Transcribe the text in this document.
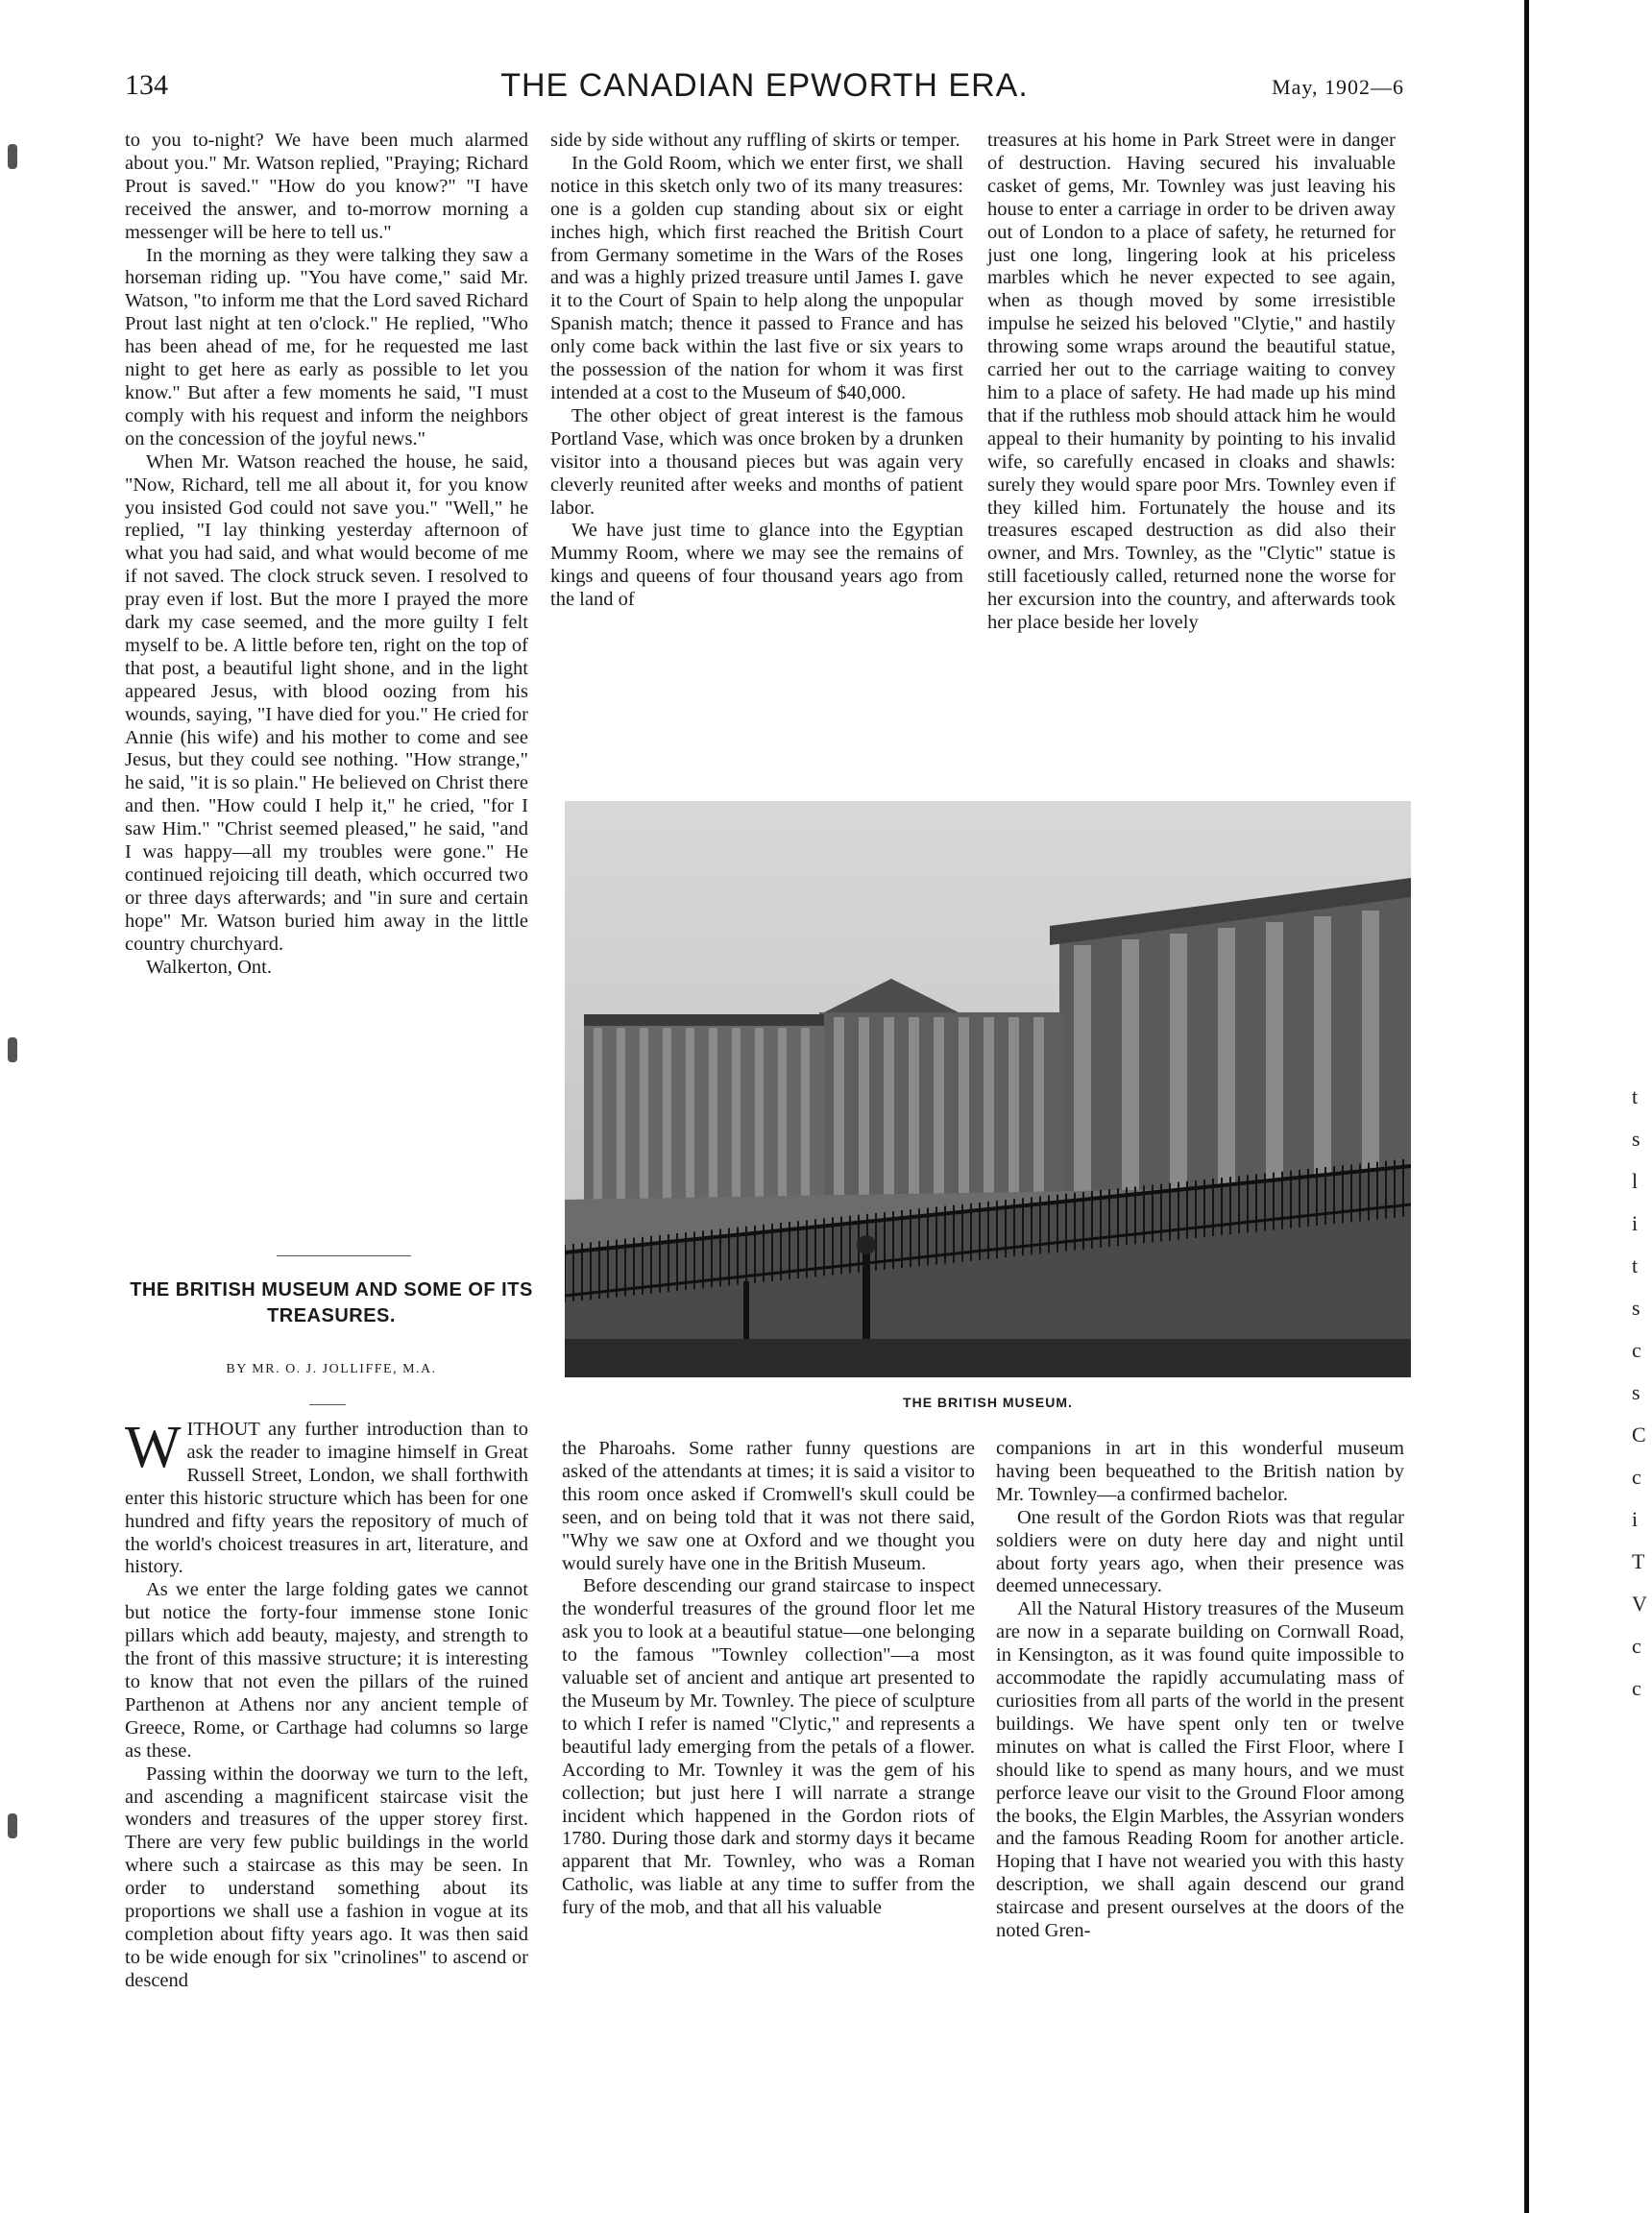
t
s
l
i
t
s
c
s
C
c
i
T
V
c
c
134	THE CANADIAN EPWORTH ERA.	May, 1902—6

to you to-night? We have been much alarmed about you." Mr. Watson replied, "Praying; Richard Prout is saved." "How do you know?" "I have received the answer, and to-morrow morning a messenger will be here to tell us."

In the morning as they were talking they saw a horseman riding up. "You have come," said Mr. Watson, "to inform me that the Lord saved Richard Prout last night at ten o'clock." He replied, "Who has been ahead of me, for he requested me last night to get here as early as possible to let you know." But after a few moments he said, "I must comply with his request and inform the neighbors on the concession of the joyful news."

When Mr. Watson reached the house, he said, "Now, Richard, tell me all about it, for you know you insisted God could not save you." "Well," he replied, "I lay thinking yesterday afternoon of what you had said, and what would become of me if not saved. The clock struck seven. I resolved to pray even if lost. But the more I prayed the more dark my case seemed, and the more guilty I felt myself to be. A little before ten, right on the top of that post, a beautiful light shone, and in the light appeared Jesus, with blood oozing from his wounds, saying, "I have died for you." He cried for Annie (his wife) and his mother to come and see Jesus, but they could see nothing. "How strange," he said, "it is so plain." He believed on Christ there and then. "How could I help it," he cried, "for I saw Him." "Christ seemed pleased," he said, "and I was happy—all my troubles were gone." He continued rejoicing till death, which occurred two or three days afterwards; and "in sure and certain hope" Mr. Watson buried him away in the little country churchyard.

Walkerton, Ont.

THE BRITISH MUSEUM AND SOME OF ITS TREASURES.
BY MR. O. J. JOLLIFFE, M.A.

WITHOUT any further introduction than to ask the reader to imagine himself in Great Russell Street, London, we shall forthwith enter this historic structure which has been for one hundred and fifty years the repository of much of the world's choicest treasures in art, literature, and history.

As we enter the large folding gates we cannot but notice the forty-four immense stone Ionic pillars which add beauty, majesty, and strength to the front of this massive structure; it is interesting to know that not even the pillars of the ruined Parthenon at Athens nor any ancient temple of Greece, Rome, or Carthage had columns so large as these.

Passing within the doorway we turn to the left, and ascending a magnificent staircase visit the wonders and treasures of the upper storey first. There are very few public buildings in the world where such a staircase as this may be seen. In order to understand something about its proportions we shall use a fashion in vogue at its completion about fifty years ago. It was then said to be wide enough for six "crinolines" to ascend or descend

side by side without any ruffling of skirts or temper.

In the Gold Room, which we enter first, we shall notice in this sketch only two of its many treasures: one is a golden cup standing about six or eight inches high, which first reached the British Court from Germany sometime in the Wars of the Roses and was a highly prized treasure until James I. gave it to the Court of Spain to help along the unpopular Spanish match; thence it passed to France and has only come back within the last five or six years to the possession of the nation for whom it was first intended at a cost to the Museum of $40,000.

The other object of great interest is the famous Portland Vase, which was once broken by a drunken visitor into a thousand pieces but was again very cleverly reunited after weeks and months of patient labor.

We have just time to glance into the Egyptian Mummy Room, where we may see the remains of kings and queens of four thousand years ago from the land of

treasures at his home in Park Street were in danger of destruction. Having secured his invaluable casket of gems, Mr. Townley was just leaving his house to enter a carriage in order to be driven away out of London to a place of safety, he returned for just one long, lingering look at his priceless marbles which he never expected to see again, when as though moved by some irresistible impulse he seized his beloved "Clytie," and hastily throwing some wraps around the beautiful statue, carried her out to the carriage waiting to convey him to a place of safety. He had made up his mind that if the ruthless mob should attack him he would appeal to their humanity by pointing to his invalid wife, so carefully encased in cloaks and shawls: surely they would spare poor Mrs. Townley even if they killed him. Fortunately the house and its treasures escaped destruction as did also their owner, and Mrs. Townley, as the "Clytic" statue is still facetiously called, returned none the worse for her excursion into the country, and afterwards took her place beside her lovely

THE BRITISH MUSEUM.

the Pharoahs. Some rather funny questions are asked of the attendants at times; it is said a visitor to this room once asked if Cromwell's skull could be seen, and on being told that it was not there said, "Why we saw one at Oxford and we thought you would surely have one in the British Museum.

Before descending our grand staircase to inspect the wonderful treasures of the ground floor let me ask you to look at a beautiful statue—one belonging to the famous "Townley collection"—a most valuable set of ancient and antique art presented to the Museum by Mr. Townley. The piece of sculpture to which I refer is named "Clytic," and represents a beautiful lady emerging from the petals of a flower. According to Mr. Townley it was the gem of his collection; but just here I will narrate a strange incident which happened in the Gordon riots of 1780. During those dark and stormy days it became apparent that Mr. Townley, who was a Roman Catholic, was liable at any time to suffer from the fury of the mob, and that all his valuable

companions in art in this wonderful museum having been bequeathed to the British nation by Mr. Townley—a confirmed bachelor.

One result of the Gordon Riots was that regular soldiers were on duty here day and night until about forty years ago, when their presence was deemed unnecessary.

All the Natural History treasures of the Museum are now in a separate building on Cornwall Road, in Kensington, as it was found quite impossible to accommodate the rapidly accumulating mass of curiosities from all parts of the world in the present buildings. We have spent only ten or twelve minutes on what is called the First Floor, where I should like to spend as many hours, and we must perforce leave our visit to the Ground Floor among the books, the Elgin Marbles, the Assyrian wonders and the famous Reading Room for another article. Hoping that I have not wearied you with this hasty description, we shall again descend our grand staircase and present ourselves at the doors of the noted Gren-
